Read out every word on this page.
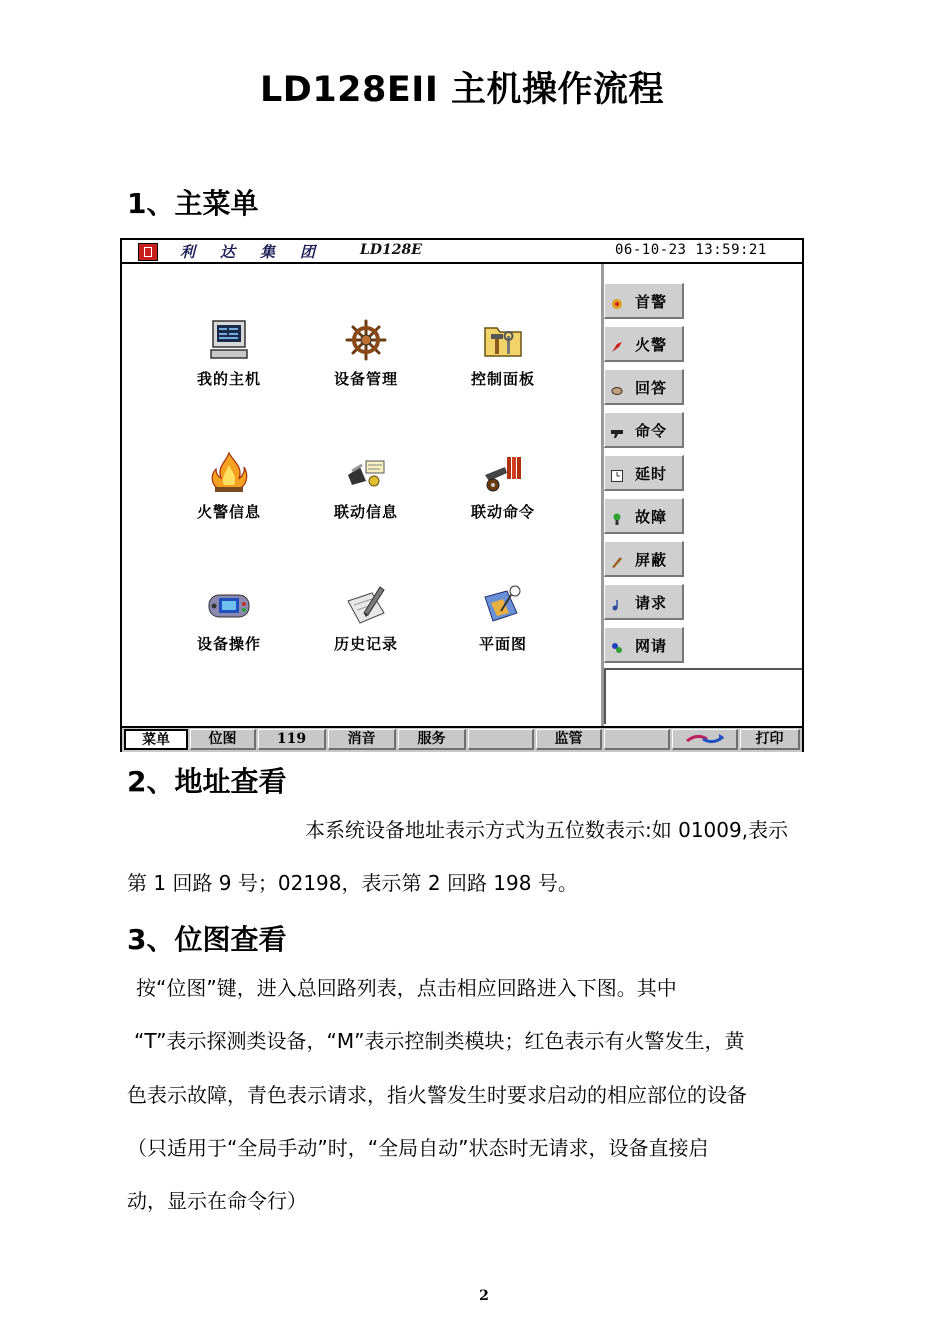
LD128EII 主机操作流程
1、主菜单
利 达 集 团	LD128E	06-10-23 13:59:21
我的主机	设备管理	控制面板
火警信息	联动信息	联动命令
设备操作	历史记录	平面图
首警
火警
回答
命令
延时
故障
屏蔽
请求
网请
菜单	位图	119	消音	服务	监管	打印
2、地址查看
本系统设备地址表示方式为五位数表示:如 01009,表示
第 1 回路 9 号；02198，表示第 2 回路 198 号。
3、位图查看
按“位图”键，进入总回路列表，点击相应回路进入下图。其中
“T”表示探测类设备，“M”表示控制类模块；红色表示有火警发生，黄
色表示故障，青色表示请求，指火警发生时要求启动的相应部位的设备
（只适用于“全局手动”时，“全局自动”状态时无请求，设备直接启
动，显示在命令行）
2
